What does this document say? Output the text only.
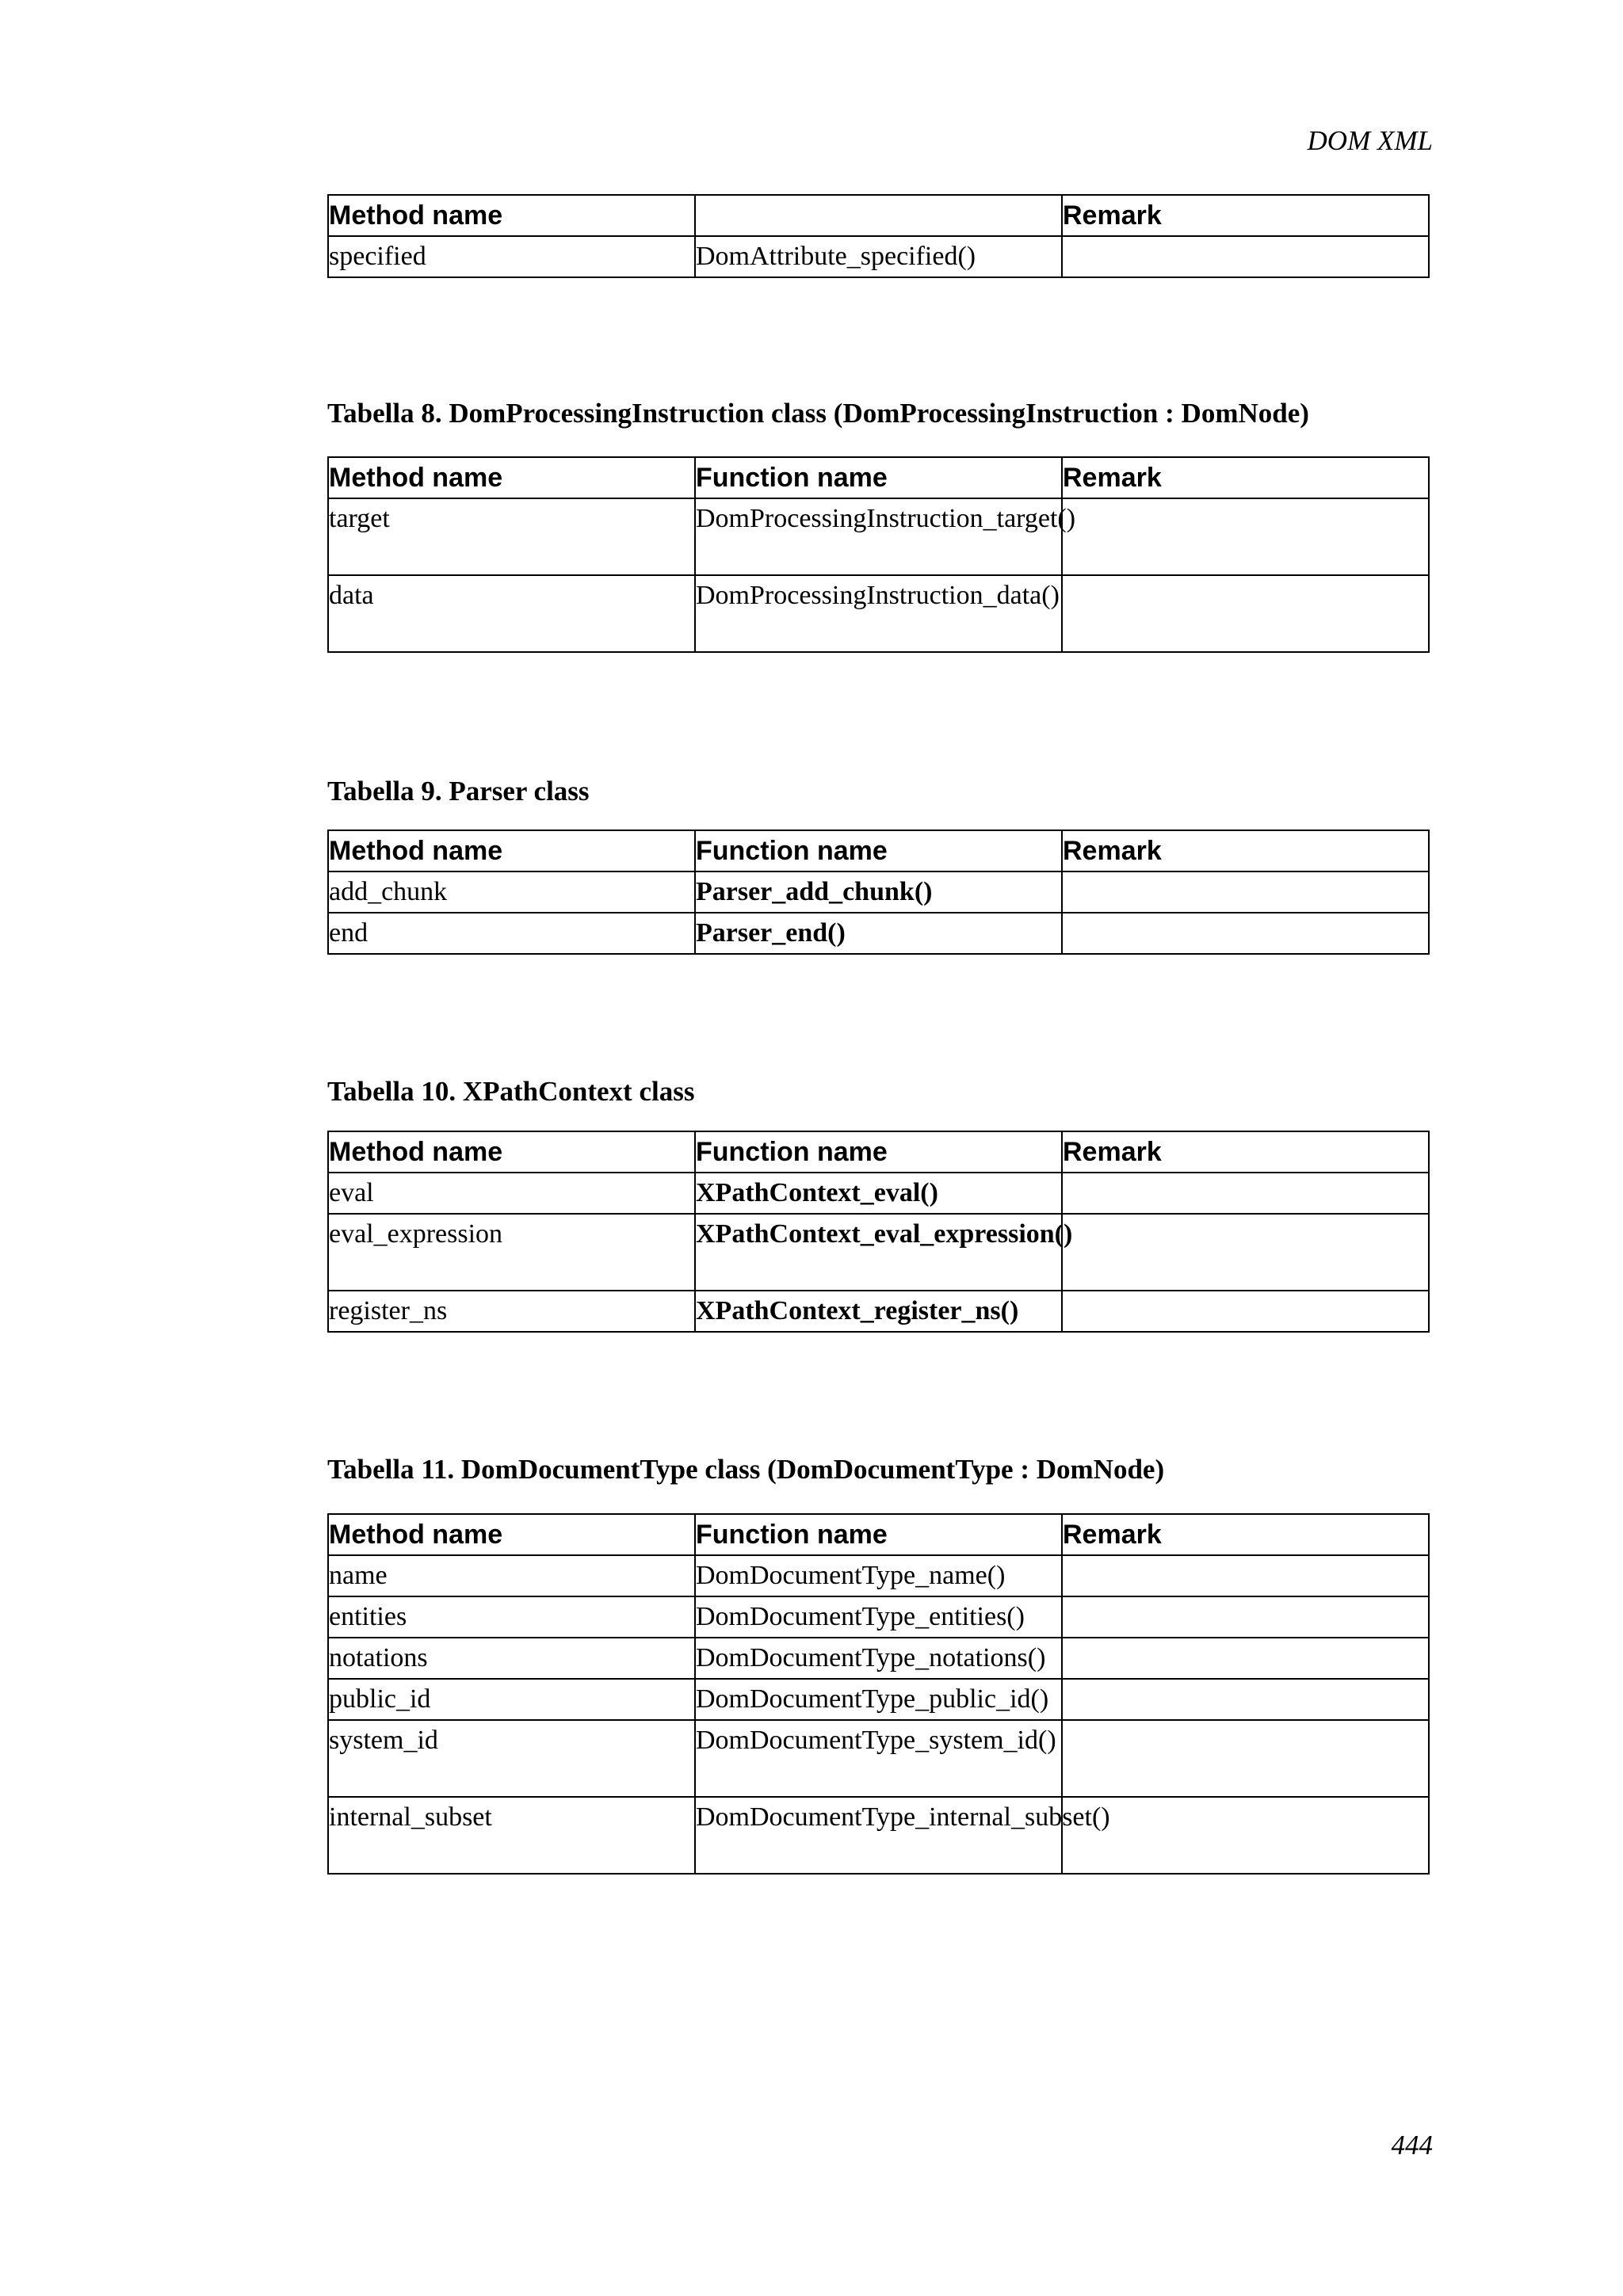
DOM XML
Method name		Remark
specified	DomAttribute_specified()	
Tabella 8. DomProcessingInstruction class (DomProcessingInstruction : DomNode)
Method name	Function name	Remark
target	DomProcessingInstruction_target()	
data	DomProcessingInstruction_data()	
Tabella 9. Parser class
Method name	Function name	Remark
add_chunk	Parser_add_chunk()	
end	Parser_end()	
Tabella 10. XPathContext class
Method name	Function name	Remark
eval	XPathContext_eval()	
eval_expression	XPathContext_eval_expression()	
register_ns	XPathContext_register_ns()	
Tabella 11. DomDocumentType class (DomDocumentType : DomNode)
Method name	Function name	Remark
name	DomDocumentType_name()	
entities	DomDocumentType_entities()	
notations	DomDocumentType_notations()	
public_id	DomDocumentType_public_id()	
system_id	DomDocumentType_system_id()	
internal_subset	DomDocumentType_internal_subset()	
444
